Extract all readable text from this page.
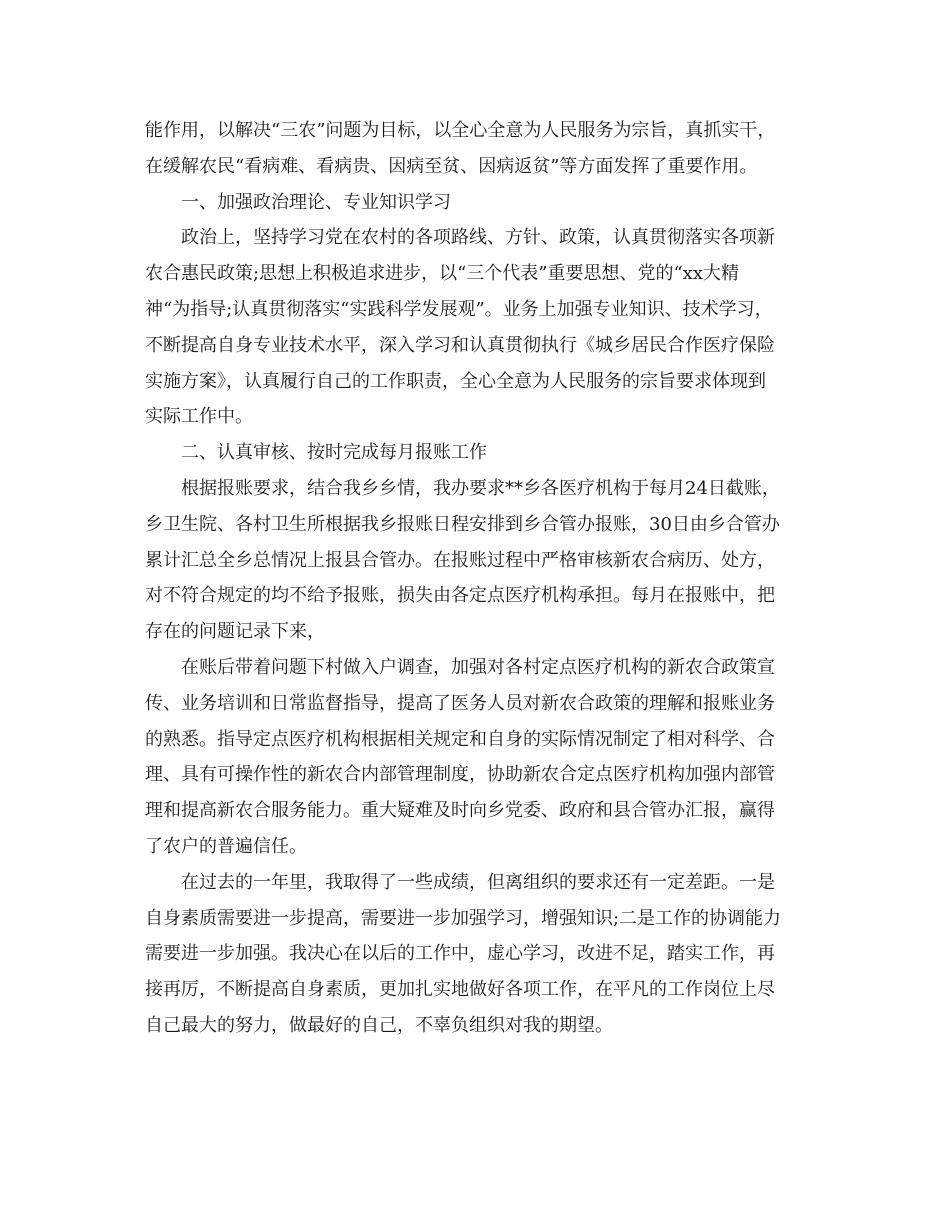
能作用，以解决“三农”问题为目标，以全心全意为人民服务为宗旨，真抓实干，
在缓解农民“看病难、看病贵、因病至贫、因病返贫”等方面发挥了重要作用。
一、加强政治理论、专业知识学习
政治上，坚持学习党在农村的各项路线、方针、政策，认真贯彻落实各项新
农合惠民政策;思想上积极追求进步，以“三个代表”重要思想、党的“xx大精
神“为指导;认真贯彻落实“实践科学发展观”。业务上加强专业知识、技术学习，
不断提高自身专业技术水平，深入学习和认真贯彻执行《城乡居民合作医疗保险
实施方案》，认真履行自己的工作职责，全心全意为人民服务的宗旨要求体现到
实际工作中。
二、认真审核、按时完成每月报账工作
根据报账要求，结合我乡乡情，我办要求**乡各医疗机构于每月24日截账，
乡卫生院、各村卫生所根据我乡报账日程安排到乡合管办报账，30日由乡合管办
累计汇总全乡总情况上报县合管办。在报账过程中严格审核新农合病历、处方，
对不符合规定的均不给予报账，损失由各定点医疗机构承担。每月在报账中，把
存在的问题记录下来，
在账后带着问题下村做入户调查，加强对各村定点医疗机构的新农合政策宣
传、业务培训和日常监督指导，提高了医务人员对新农合政策的理解和报账业务
的熟悉。指导定点医疗机构根据相关规定和自身的实际情况制定了相对科学、合
理、具有可操作性的新农合内部管理制度，协助新农合定点医疗机构加强内部管
理和提高新农合服务能力。重大疑难及时向乡党委、政府和县合管办汇报，赢得
了农户的普遍信任。
在过去的一年里，我取得了一些成绩，但离组织的要求还有一定差距。一是
自身素质需要进一步提高，需要进一步加强学习，增强知识;二是工作的协调能力
需要进一步加强。我决心在以后的工作中，虚心学习，改进不足，踏实工作，再
接再厉，不断提高自身素质，更加扎实地做好各项工作，在平凡的工作岗位上尽
自己最大的努力，做最好的自己，不辜负组织对我的期望。
